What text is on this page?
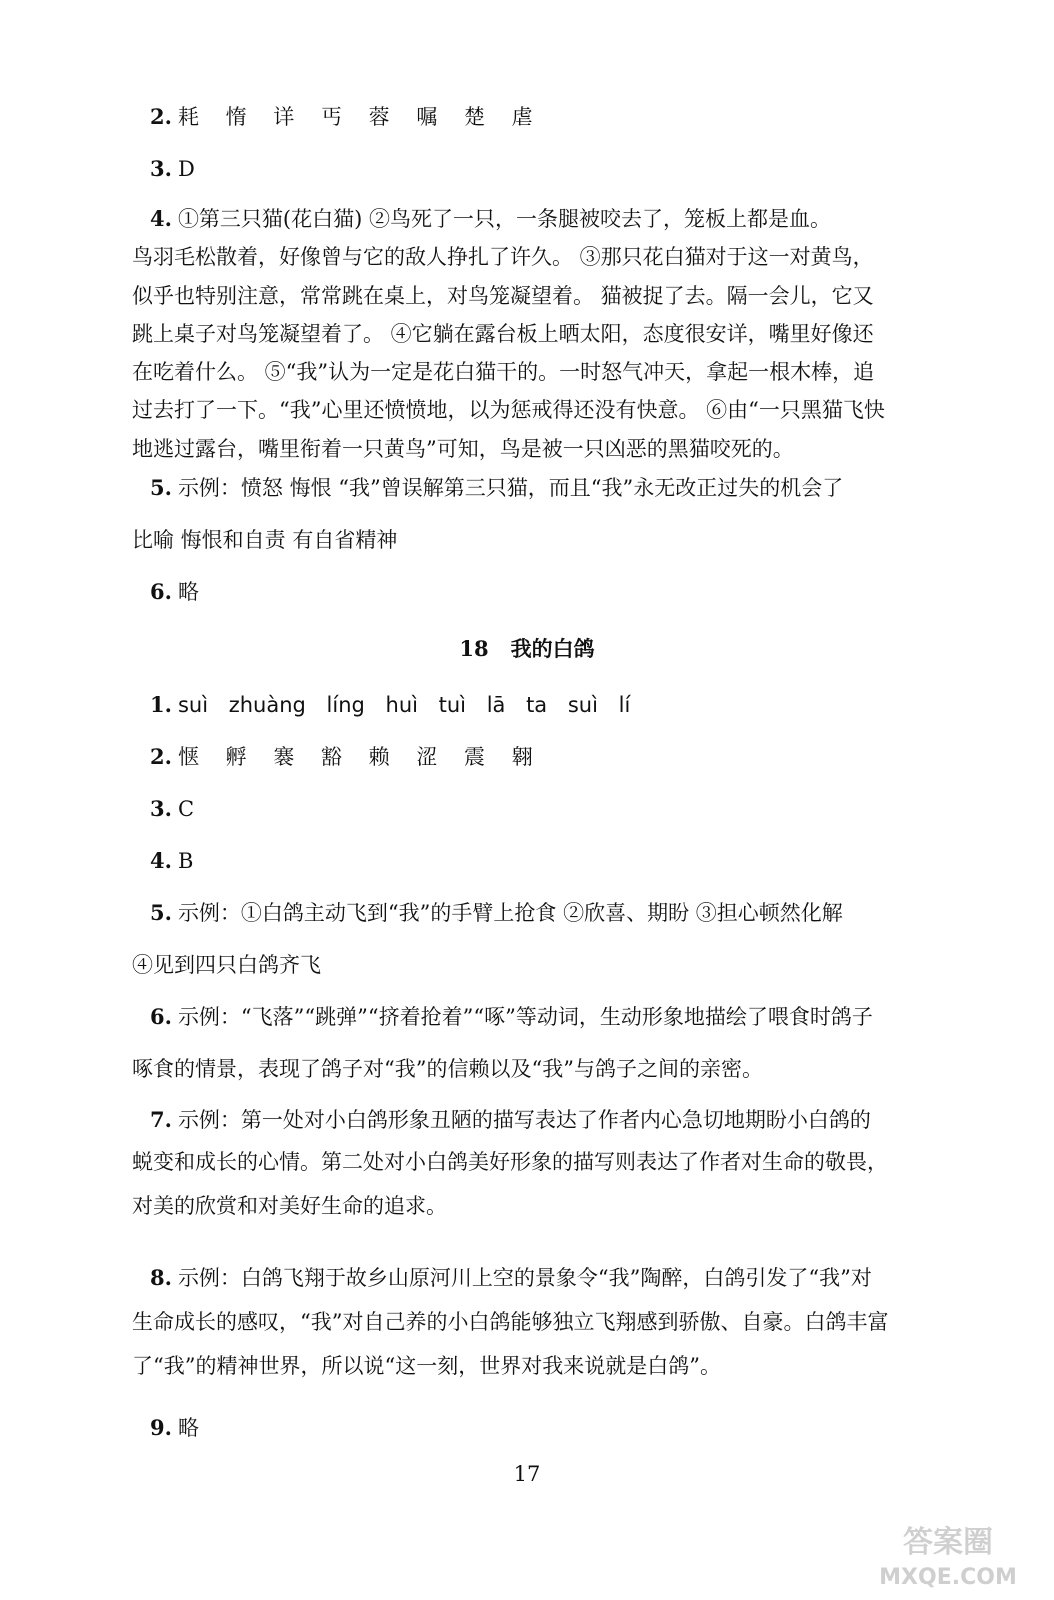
2. 耗 惰 详 丐 蓉 嘱 楚 虐
3. D
4. ①第三只猫(花白猫) ②鸟死了一只，一条腿被咬去了，笼板上都是血。
鸟羽毛松散着，好像曾与它的敌人挣扎了许久。 ③那只花白猫对于这一对黄鸟，
似乎也特别注意，常常跳在桌上，对鸟笼凝望着。 猫被捉了去。隔一会儿，它又
跳上桌子对鸟笼凝望着了。 ④它躺在露台板上晒太阳，态度很安详，嘴里好像还
在吃着什么。 ⑤“我”认为一定是花白猫干的。一时怒气冲天，拿起一根木棒，追
过去打了一下。“我”心里还愤愤地，以为惩戒得还没有快意。 ⑥由“一只黑猫飞快
地逃过露台，嘴里衔着一只黄鸟”可知，鸟是被一只凶恶的黑猫咬死的。
5. 示例：愤怒 悔恨 “我”曾误解第三只猫，而且“我”永无改正过失的机会了
比喻 悔恨和自责 有自省精神
6. 略
18 我的白鸽
1. suì zhuàng líng huì tuì lā ta suì lí
2. 惬 孵 褰 豁 赖 涩 震 翱
3. C
4. B
5. 示例：①白鸽主动飞到“我”的手臂上抢食 ②欣喜、期盼 ③担心顿然化解
④见到四只白鸽齐飞
6. 示例：“飞落”“跳弹”“挤着抢着”“啄”等动词，生动形象地描绘了喂食时鸽子
啄食的情景，表现了鸽子对“我”的信赖以及“我”与鸽子之间的亲密。
7. 示例：第一处对小白鸽形象丑陋的描写表达了作者内心急切地期盼小白鸽的
蜕变和成长的心情。第二处对小白鸽美好形象的描写则表达了作者对生命的敬畏，
对美的欣赏和对美好生命的追求。
8. 示例：白鸽飞翔于故乡山原河川上空的景象令“我”陶醉，白鸽引发了“我”对
生命成长的感叹，“我”对自己养的小白鸽能够独立飞翔感到骄傲、自豪。白鸽丰富
了“我”的精神世界，所以说“这一刻，世界对我来说就是白鸽”。
9. 略
17
答案圈
MXQE.COM
